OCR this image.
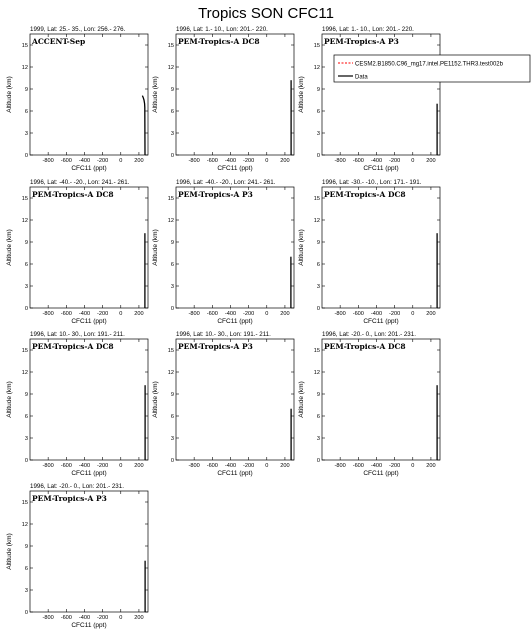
Tropics SON CFC11
1999, Lat: 25.- 35., Lon: 256.- 276.
-800 -600 -400 -200 0 200
0
3
6
9
12
15
CFC11 (ppt)
Altitude (km)
ACCENT-Sep
1996, Lat: 1.- 10., Lon: 201.- 220.
-800 -600 -400 -200 0 200
0
3
6
9
12
15
CFC11 (ppt)
Altitude (km)
PEM-Tropics-A DC8
1996, Lat: 1.- 10., Lon: 201.- 220.
-800 -600 -400 -200 0 200
0
3
6
9
12
15
CFC11 (ppt)
Altitude (km)
PEM-Tropics-A P3
1996, Lat: -40.- -20., Lon: 241.- 261.
-800 -600 -400 -200 0 200
0
3
6
9
12
15
CFC11 (ppt)
Altitude (km)
PEM-Tropics-A DC8
1996, Lat: -40.- -20., Lon: 241.- 261.
-800 -600 -400 -200 0 200
0
3
6
9
12
15
CFC11 (ppt)
Altitude (km)
PEM-Tropics-A P3
1996, Lat: -30.- -10., Lon: 171.- 191.
-800 -600 -400 -200 0 200
0
3
6
9
12
15
CFC11 (ppt)
Altitude (km)
PEM-Tropics-A DC8
1996, Lat: 10.- 30., Lon: 191.- 211.
-800 -600 -400 -200 0 200
0
3
6
9
12
15
CFC11 (ppt)
Altitude (km)
PEM-Tropics-A DC8
1996, Lat: 10.- 30., Lon: 191.- 211.
-800 -600 -400 -200 0 200
0
3
6
9
12
15
CFC11 (ppt)
Altitude (km)
PEM-Tropics-A P3
1996, Lat: -20.- 0., Lon: 201.- 231.
-800 -600 -400 -200 0 200
0
3
6
9
12
15
CFC11 (ppt)
Altitude (km)
PEM-Tropics-A DC8
1996, Lat: -20.- 0., Lon: 201.- 231.
-800 -600 -400 -200 0 200
0
3
6
9
12
15
CFC11 (ppt)
Altitude (km)
PEM-Tropics-A P3
CESM2.B1850.C96_mg17.intel.PE1152.THR3.test002b
Data
